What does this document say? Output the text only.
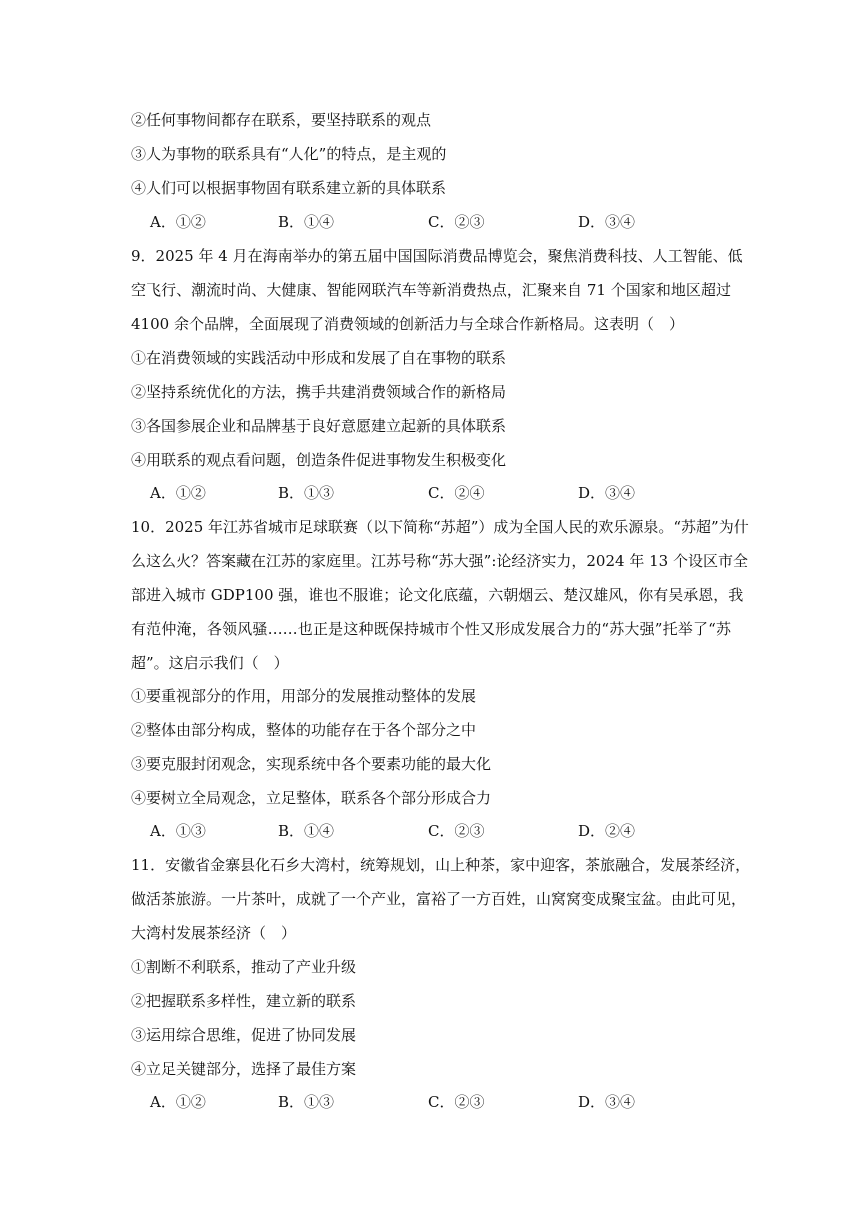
②任何事物间都存在联系，要坚持联系的观点
③人为事物的联系具有“人化”的特点，是主观的
④人们可以根据事物固有联系建立新的具体联系
A．①②	B．①④	C．②③	D．③④
9．2025 年 4 月在海南举办的第五届中国国际消费品博览会，聚焦消费科技、人工智能、低
空飞行、潮流时尚、大健康、智能网联汽车等新消费热点，汇聚来自 71 个国家和地区超过
4100 余个品牌，全面展现了消费领域的创新活力与全球合作新格局。这表明（　）
①在消费领域的实践活动中形成和发展了自在事物的联系
②坚持系统优化的方法，携手共建消费领域合作的新格局
③各国参展企业和品牌基于良好意愿建立起新的具体联系
④用联系的观点看问题，创造条件促进事物发生积极变化
A．①②	B．①③	C．②④	D．③④
10．2025 年江苏省城市足球联赛（以下简称“苏超”）成为全国人民的欢乐源泉。“苏超”为什
么这么火？答案藏在江苏的家庭里。江苏号称“苏大强”:论经济实力，2024 年 13 个设区市全
部进入城市 GDP100 强，谁也不服谁；论文化底蕴，六朝烟云、楚汉雄风，你有吴承恩，我
有范仲淹，各领风骚……也正是这种既保持城市个性又形成发展合力的“苏大强”托举了“苏
超”。这启示我们（　）
①要重视部分的作用，用部分的发展推动整体的发展
②整体由部分构成，整体的功能存在于各个部分之中
③要克服封闭观念，实现系统中各个要素功能的最大化
④要树立全局观念，立足整体，联系各个部分形成合力
A．①③	B．①④	C．②③	D．②④
11．安徽省金寨县化石乡大湾村，统筹规划，山上种茶，家中迎客，茶旅融合，发展茶经济，
做活茶旅游。一片茶叶，成就了一个产业，富裕了一方百姓，山窝窝变成聚宝盆。由此可见，
大湾村发展茶经济（　）
①割断不利联系，推动了产业升级
②把握联系多样性，建立新的联系
③运用综合思维，促进了协同发展
④立足关键部分，选择了最佳方案
A．①②	B．①③	C．②③	D．③④
